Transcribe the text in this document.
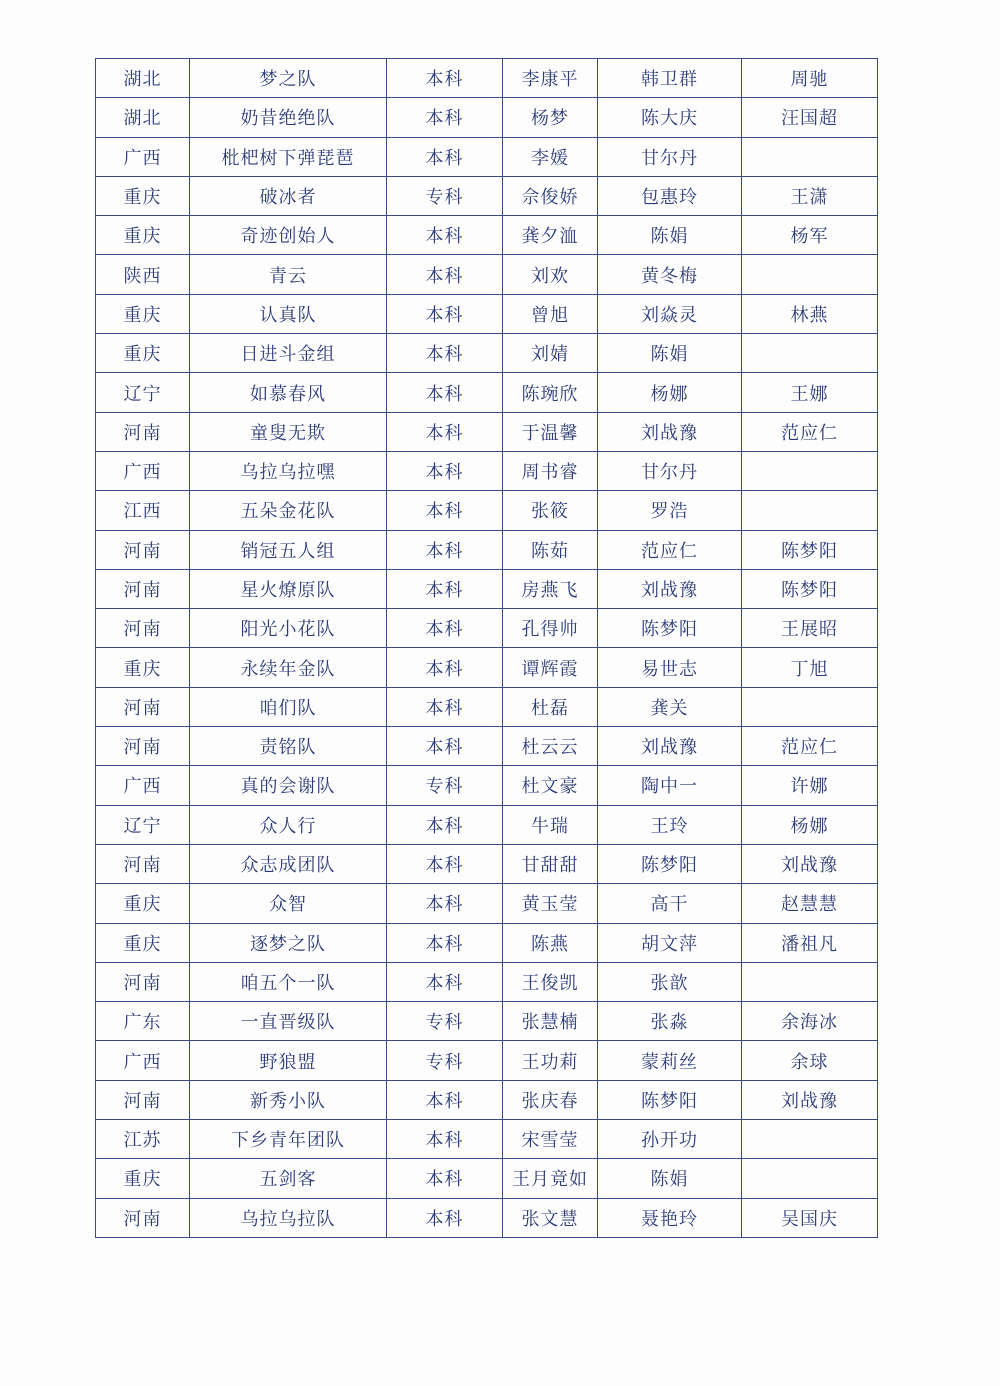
湖北	梦之队	本科	李康平	韩卫群	周驰
湖北	奶昔绝绝队	本科	杨梦	陈大庆	汪国超
广西	枇杷树下弹琵琶	本科	李媛	甘尔丹	
重庆	破冰者	专科	佘俊娇	包惠玲	王潇
重庆	奇迹创始人	本科	龚夕洫	陈娟	杨军
陕西	青云	本科	刘欢	黄冬梅	
重庆	认真队	本科	曾旭	刘焱灵	林燕
重庆	日进斗金组	本科	刘婧	陈娟	
辽宁	如慕春风	本科	陈琬欣	杨娜	王娜
河南	童叟无欺	本科	于温馨	刘战豫	范应仁
广西	乌拉乌拉嘿	本科	周书睿	甘尔丹	
江西	五朵金花队	本科	张筱	罗浩	
河南	销冠五人组	本科	陈茹	范应仁	陈梦阳
河南	星火燎原队	本科	房燕飞	刘战豫	陈梦阳
河南	阳光小花队	本科	孔得帅	陈梦阳	王展昭
重庆	永续年金队	本科	谭辉霞	易世志	丁旭
河南	咱们队	本科	杜磊	龚关	
河南	责铭队	本科	杜云云	刘战豫	范应仁
广西	真的会谢队	专科	杜文豪	陶中一	许娜
辽宁	众人行	本科	牛瑞	王玲	杨娜
河南	众志成团队	本科	甘甜甜	陈梦阳	刘战豫
重庆	众智	本科	黄玉莹	高干	赵慧慧
重庆	逐梦之队	本科	陈燕	胡文萍	潘祖凡
河南	咱五个一队	本科	王俊凯	张歆	
广东	一直晋级队	专科	张慧楠	张淼	余海冰
广西	野狼盟	专科	王功莉	蒙莉丝	余球
河南	新秀小队	本科	张庆春	陈梦阳	刘战豫
江苏	下乡青年团队	本科	宋雪莹	孙开功	
重庆	五剑客	本科	王月竟如	陈娟	
河南	乌拉乌拉队	本科	张文慧	聂艳玲	吴国庆
